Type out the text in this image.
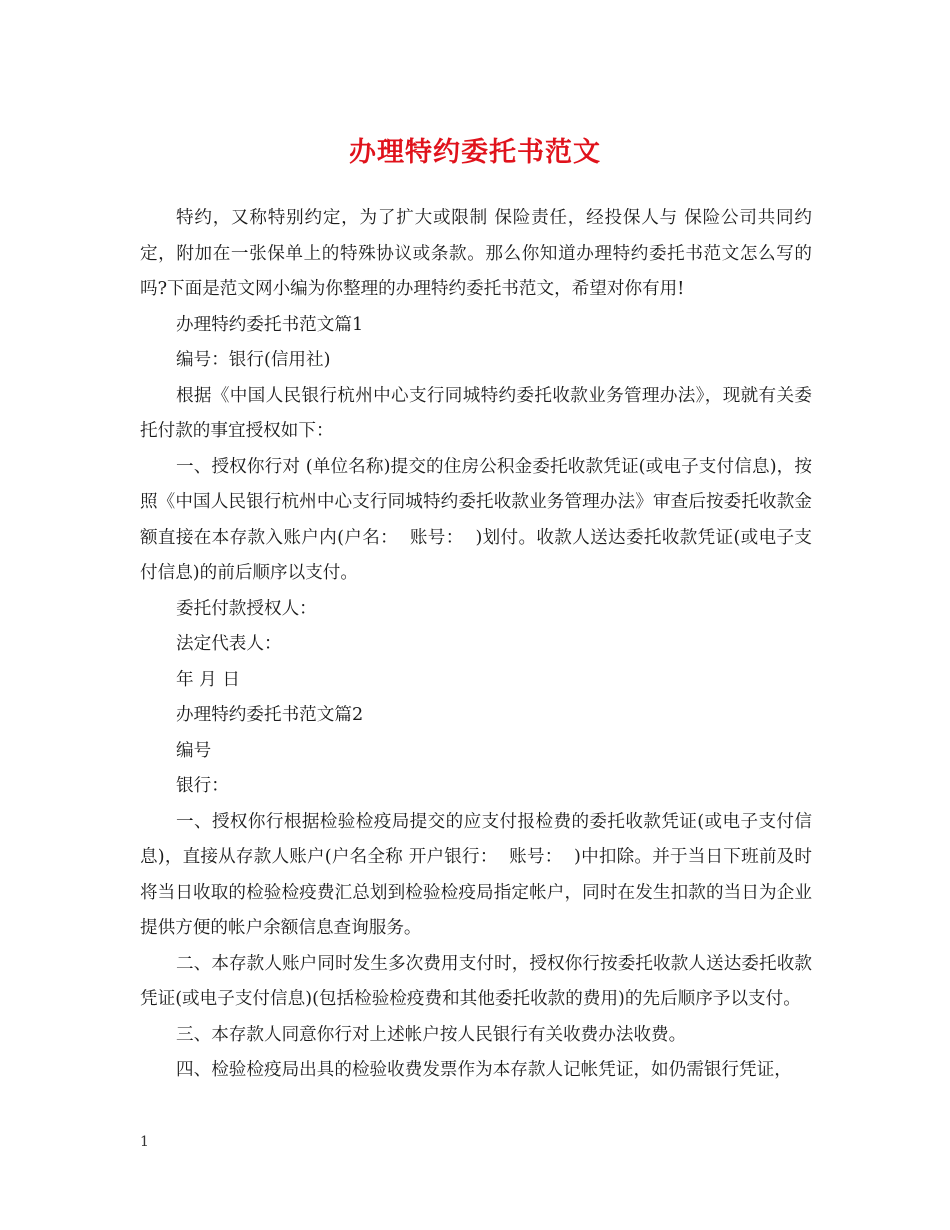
办理特约委托书范文

特约，又称特别约定，为了扩大或限制 保险责任，经投保人与 保险公司共同约定，附加在一张保单上的特殊协议或条款。那么你知道办理特约委托书范文怎么写的吗?下面是范文网小编为你整理的办理特约委托书范文，希望对你有用!

办理特约委托书范文篇1

编号：银行(信用社)

根据《中国人民银行杭州中心支行同城特约委托收款业务管理办法》，现就有关委托付款的事宜授权如下：

一、授权你行对 (单位名称)提交的住房公积金委托收款凭证(或电子支付信息)，按照《中国人民银行杭州中心支行同城特约委托收款业务管理办法》审查后按委托收款金额直接在本存款入账户内(户名：  账号：  )划付。收款人送达委托收款凭证(或电子支付信息)的前后顺序以支付。

委托付款授权人：

法定代表人：

年 月 日

办理特约委托书范文篇2

编号

银行：

一、授权你行根据检验检疫局提交的应支付报检费的委托收款凭证(或电子支付信息)，直接从存款人账户(户名全称 开户银行：  账号：  )中扣除。并于当日下班前及时将当日收取的检验检疫费汇总划到检验检疫局指定帐户，同时在发生扣款的当日为企业提供方便的帐户余额信息查询服务。

二、本存款人账户同时发生多次费用支付时，授权你行按委托收款人送达委托收款凭证(或电子支付信息)(包括检验检疫费和其他委托收款的费用)的先后顺序予以支付。

三、本存款人同意你行对上述帐户按人民银行有关收费办法收费。

四、检验检疫局出具的检验收费发票作为本存款人记帐凭证，如仍需银行凭证，

1
